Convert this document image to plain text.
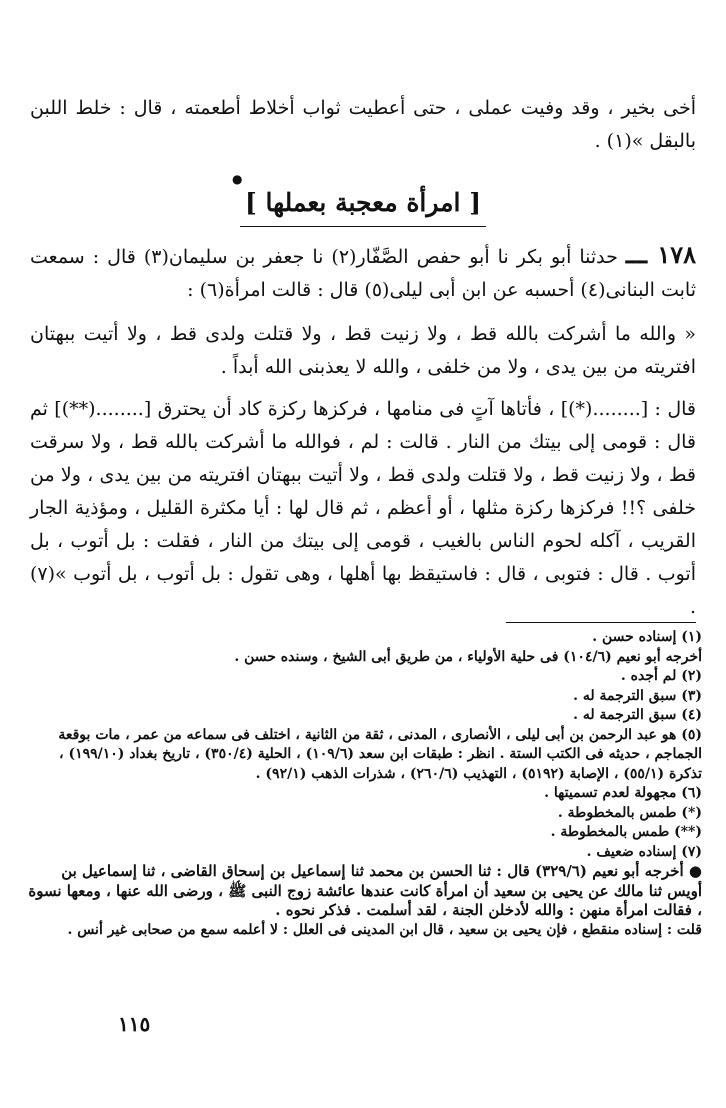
أخى بخير ، وقد وفيت عملى ، حتى أعطيت ثواب أخلاط أطعمته ، قال : خلط اللبن بالبقل »(١) .

●
[ امرأة معجبة بعملها ]

١٧٨ ـــ حدثنا أبو بكر نا أبو حفص الصَّفّار(٢) نا جعفر بن سليمان(٣) قال : سمعت ثابت البنانى(٤) أحسبه عن ابن أبى ليلى(٥) قال : قالت امرأة(٦) :

« والله ما أشركت بالله قط ، ولا زنيت قط ، ولا قتلت ولدى قط ، ولا أتيت ببهتان افتريته من بين يدى ، ولا من خلفى ، والله لا يعذبنى الله أبداً .

قال : [........(*)] ، فأتاها آتٍ فى منامها ، فركزها ركزة كاد أن يحترق [........(**)] ثم قال : قومى إلى بيتك من النار . قالت : لم ، فوالله ما أشركت بالله قط ، ولا سرقت قط ، ولا زنيت قط ، ولا قتلت ولدى قط ، ولا أتيت ببهتان افتريته من بين يدى ، ولا من خلفى ؟!! فركزها ركزة مثلها ، أو أعظم ، ثم قال لها : أيا مكثرة القليل ، ومؤذية الجار القريب ، آكله لحوم الناس بالغيب ، قومى إلى بيتك من النار ، فقلت : بل أتوب ، بل أتوب . قال : فتوبى ، قال : فاستيقظ بها أهلها ، وهى تقول : بل أتوب ، بل أتوب »(٧) .

(١) إسناده حسن .

أخرجه أبو نعيم (١٠٤/٦) فى حلية الأولياء ، من طريق أبى الشيخ ، وسنده حسن .

(٢) لم أجده .

(٣) سبق الترجمة له .

(٤) سبق الترجمة له .

(٥) هو عبد الرحمن بن أبى ليلى ، الأنصارى ، المدنى ، ثقة من الثانية ، اختلف فى سماعه من عمر ، مات بوقعة الجماجم ، حديثه فى الكتب الستة . انظر : طبقات ابن سعد (١٠٩/٦) ، الحلية (٣٥٠/٤) ، تاريخ بغداد (١٩٩/١٠) ، تذكرة (٥٥/١) ، الإصابة (٥١٩٢) ، التهذيب (٢٦٠/٦) ، شذرات الذهب (٩٢/١) .

(٦) مجهولة لعدم تسميتها .

(*) طمس بالمخطوطة .

(**) طمس بالمخطوطة .

(٧) إسناده ضعيف .

● أخرجه أبو نعيم (٣٢٩/٦) قال : ثنا الحسن بن محمد ثنا إسماعيل بن إسحاق القاضى ، ثنا إسماعيل بن أويس ثنا مالك عن يحيى بن سعيد أن امرأة كانت عندها عائشة زوج النبى ﷺ ، ورضى الله عنها ، ومعها نسوة ، فقالت امرأة منهن : والله لأدخلن الجنة ، لقد أسلمت . فذكر نحوه .

قلت : إسناده منقطع ، فإن يحيى بن سعيد ، قال ابن المدينى فى العلل : لا أعلمه سمع من صحابى غير أنس .

١١٥
